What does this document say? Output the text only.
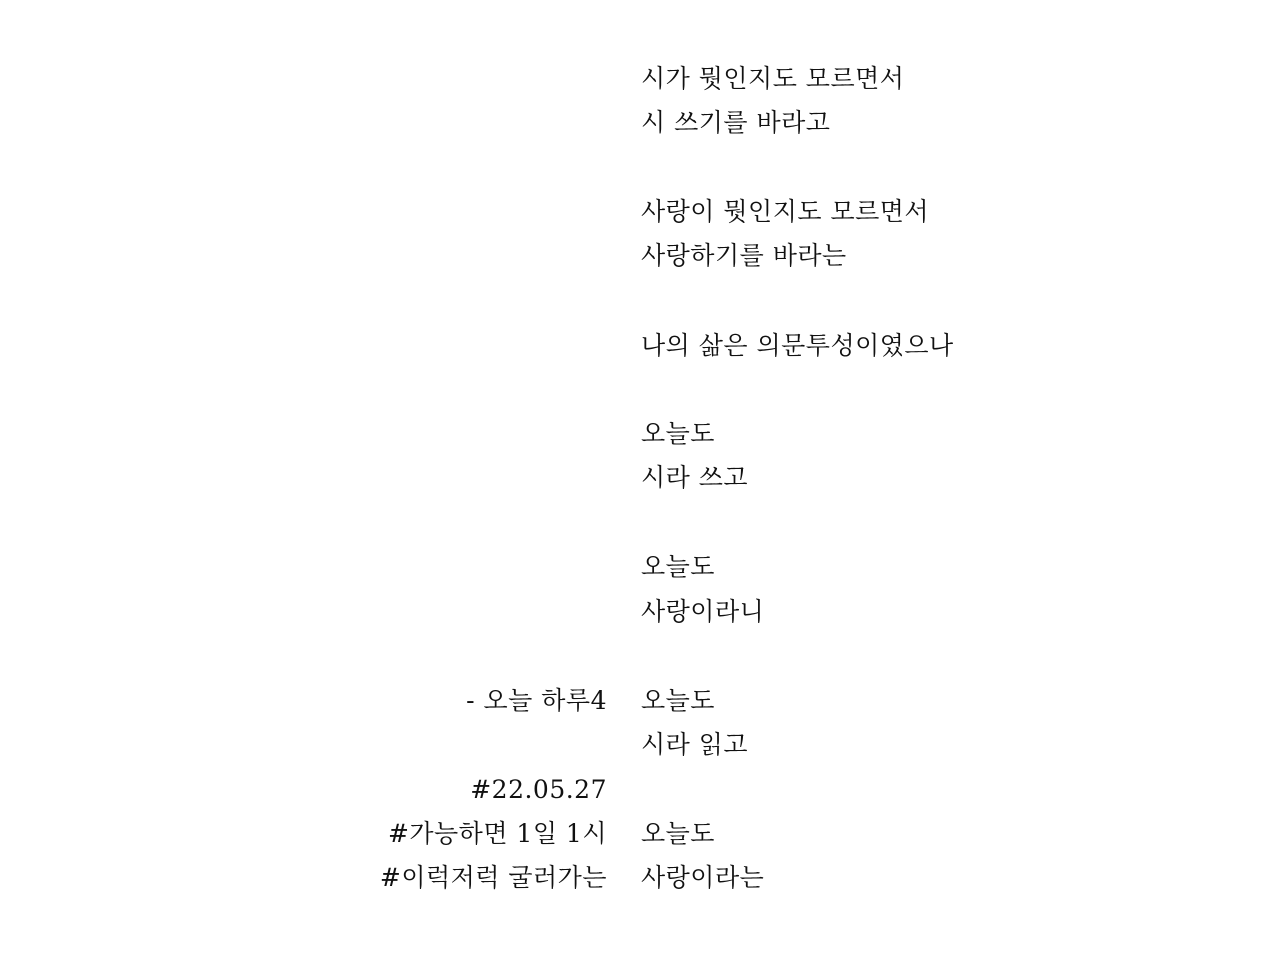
시가 뭣인지도 모르면서
시 쓰기를 바라고
사랑이 뭣인지도 모르면서
사랑하기를 바라는
나의 삶은 의문투성이였으나
오늘도
시라 쓰고
오늘도
사랑이라니
오늘도
시라 읽고
오늘도
사랑이라는
- 오늘 하루4
#22.05.27
#가능하면 1일 1시
#이럭저럭 굴러가는
